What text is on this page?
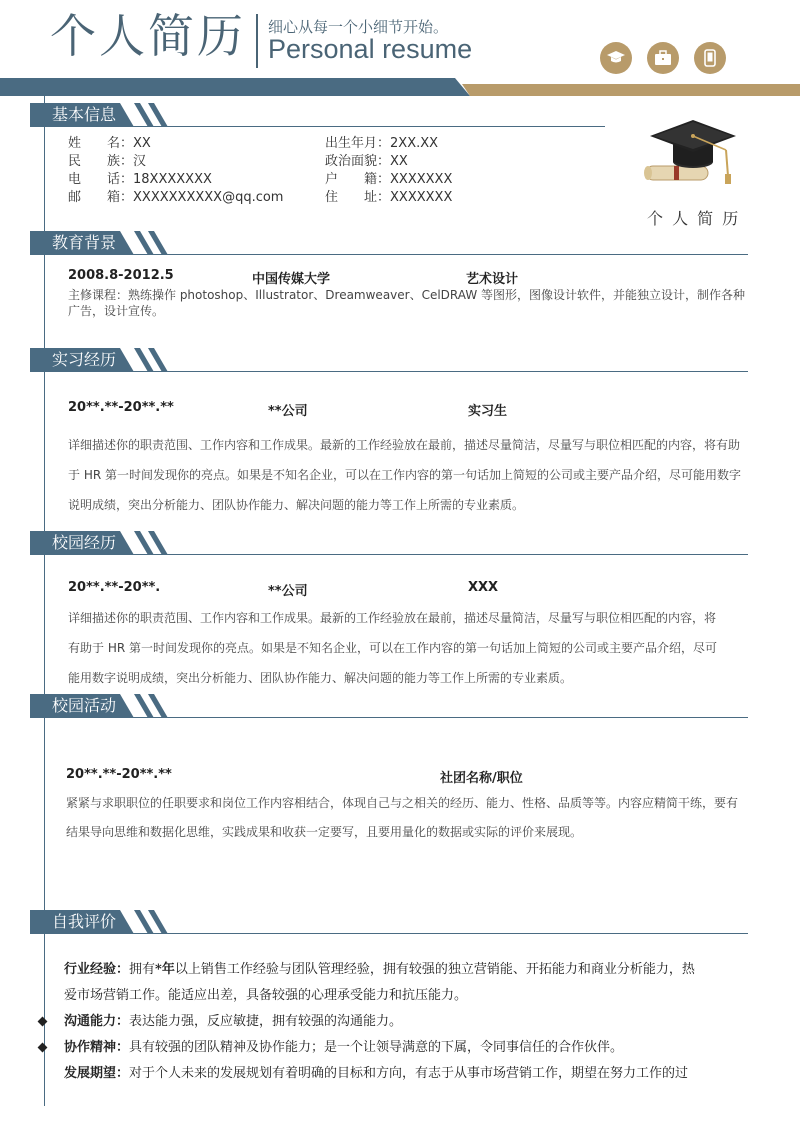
个人简历 细心从每一个小细节开始。
Personal resume
基本信息
姓　　名：XX
民　　族：汉
电　　话：18XXXXXXX
邮　　箱：XXXXXXXXXX@qq.com
出生年月：2XX.XX
政治面貌：XX
户　　籍：XXXXXXX
住　　址：XXXXXXX
个 人 简 历
教育背景
2008.8-2012.5	中国传媒大学	艺术设计
主修课程：熟练操作 photoshop、Illustrator、Dreamweaver、CelDRAW 等图形，图像设计软件，并能独立设计，制作各种
广告，设计宣传。
实习经历
20**.**-20**.**	**公司	实习生
详细描述你的职责范围、工作内容和工作成果。最新的工作经验放在最前，描述尽量简洁，尽量写与职位相匹配的内容，将有助
于 HR 第一时间发现你的亮点。如果是不知名企业，可以在工作内容的第一句话加上简短的公司或主要产品介绍，尽可能用数字
说明成绩，突出分析能力、团队协作能力、解决问题的能力等工作上所需的专业素质。
校园经历
20**.**-20**.	**公司	XXX
详细描述你的职责范围、工作内容和工作成果。最新的工作经验放在最前，描述尽量简洁，尽量写与职位相匹配的内容，将
有助于 HR 第一时间发现你的亮点。如果是不知名企业，可以在工作内容的第一句话加上简短的公司或主要产品介绍，尽可
能用数字说明成绩，突出分析能力、团队协作能力、解决问题的能力等工作上所需的专业素质。
校园活动
20**.**-20**.**	社团名称/职位
紧紧与求职职位的任职要求和岗位工作内容相结合，体现自己与之相关的经历、能力、性格、品质等等。内容应精简干练，要有
结果导向思维和数据化思维，实践成果和收获一定要写，且要用量化的数据或实际的评价来展现。
自我评价
行业经验：拥有*年以上销售工作经验与团队管理经验，拥有较强的独立营销能、开拓能力和商业分析能力，热
爱市场营销工作。能适应出差，具备较强的心理承受能力和抗压能力。
沟通能力：表达能力强，反应敏捷，拥有较强的沟通能力。
协作精神：具有较强的团队精神及协作能力；是一个让领导满意的下属，令同事信任的合作伙伴。
发展期望：对于个人未来的发展规划有着明确的目标和方向，有志于从事市场营销工作，期望在努力工作的过
